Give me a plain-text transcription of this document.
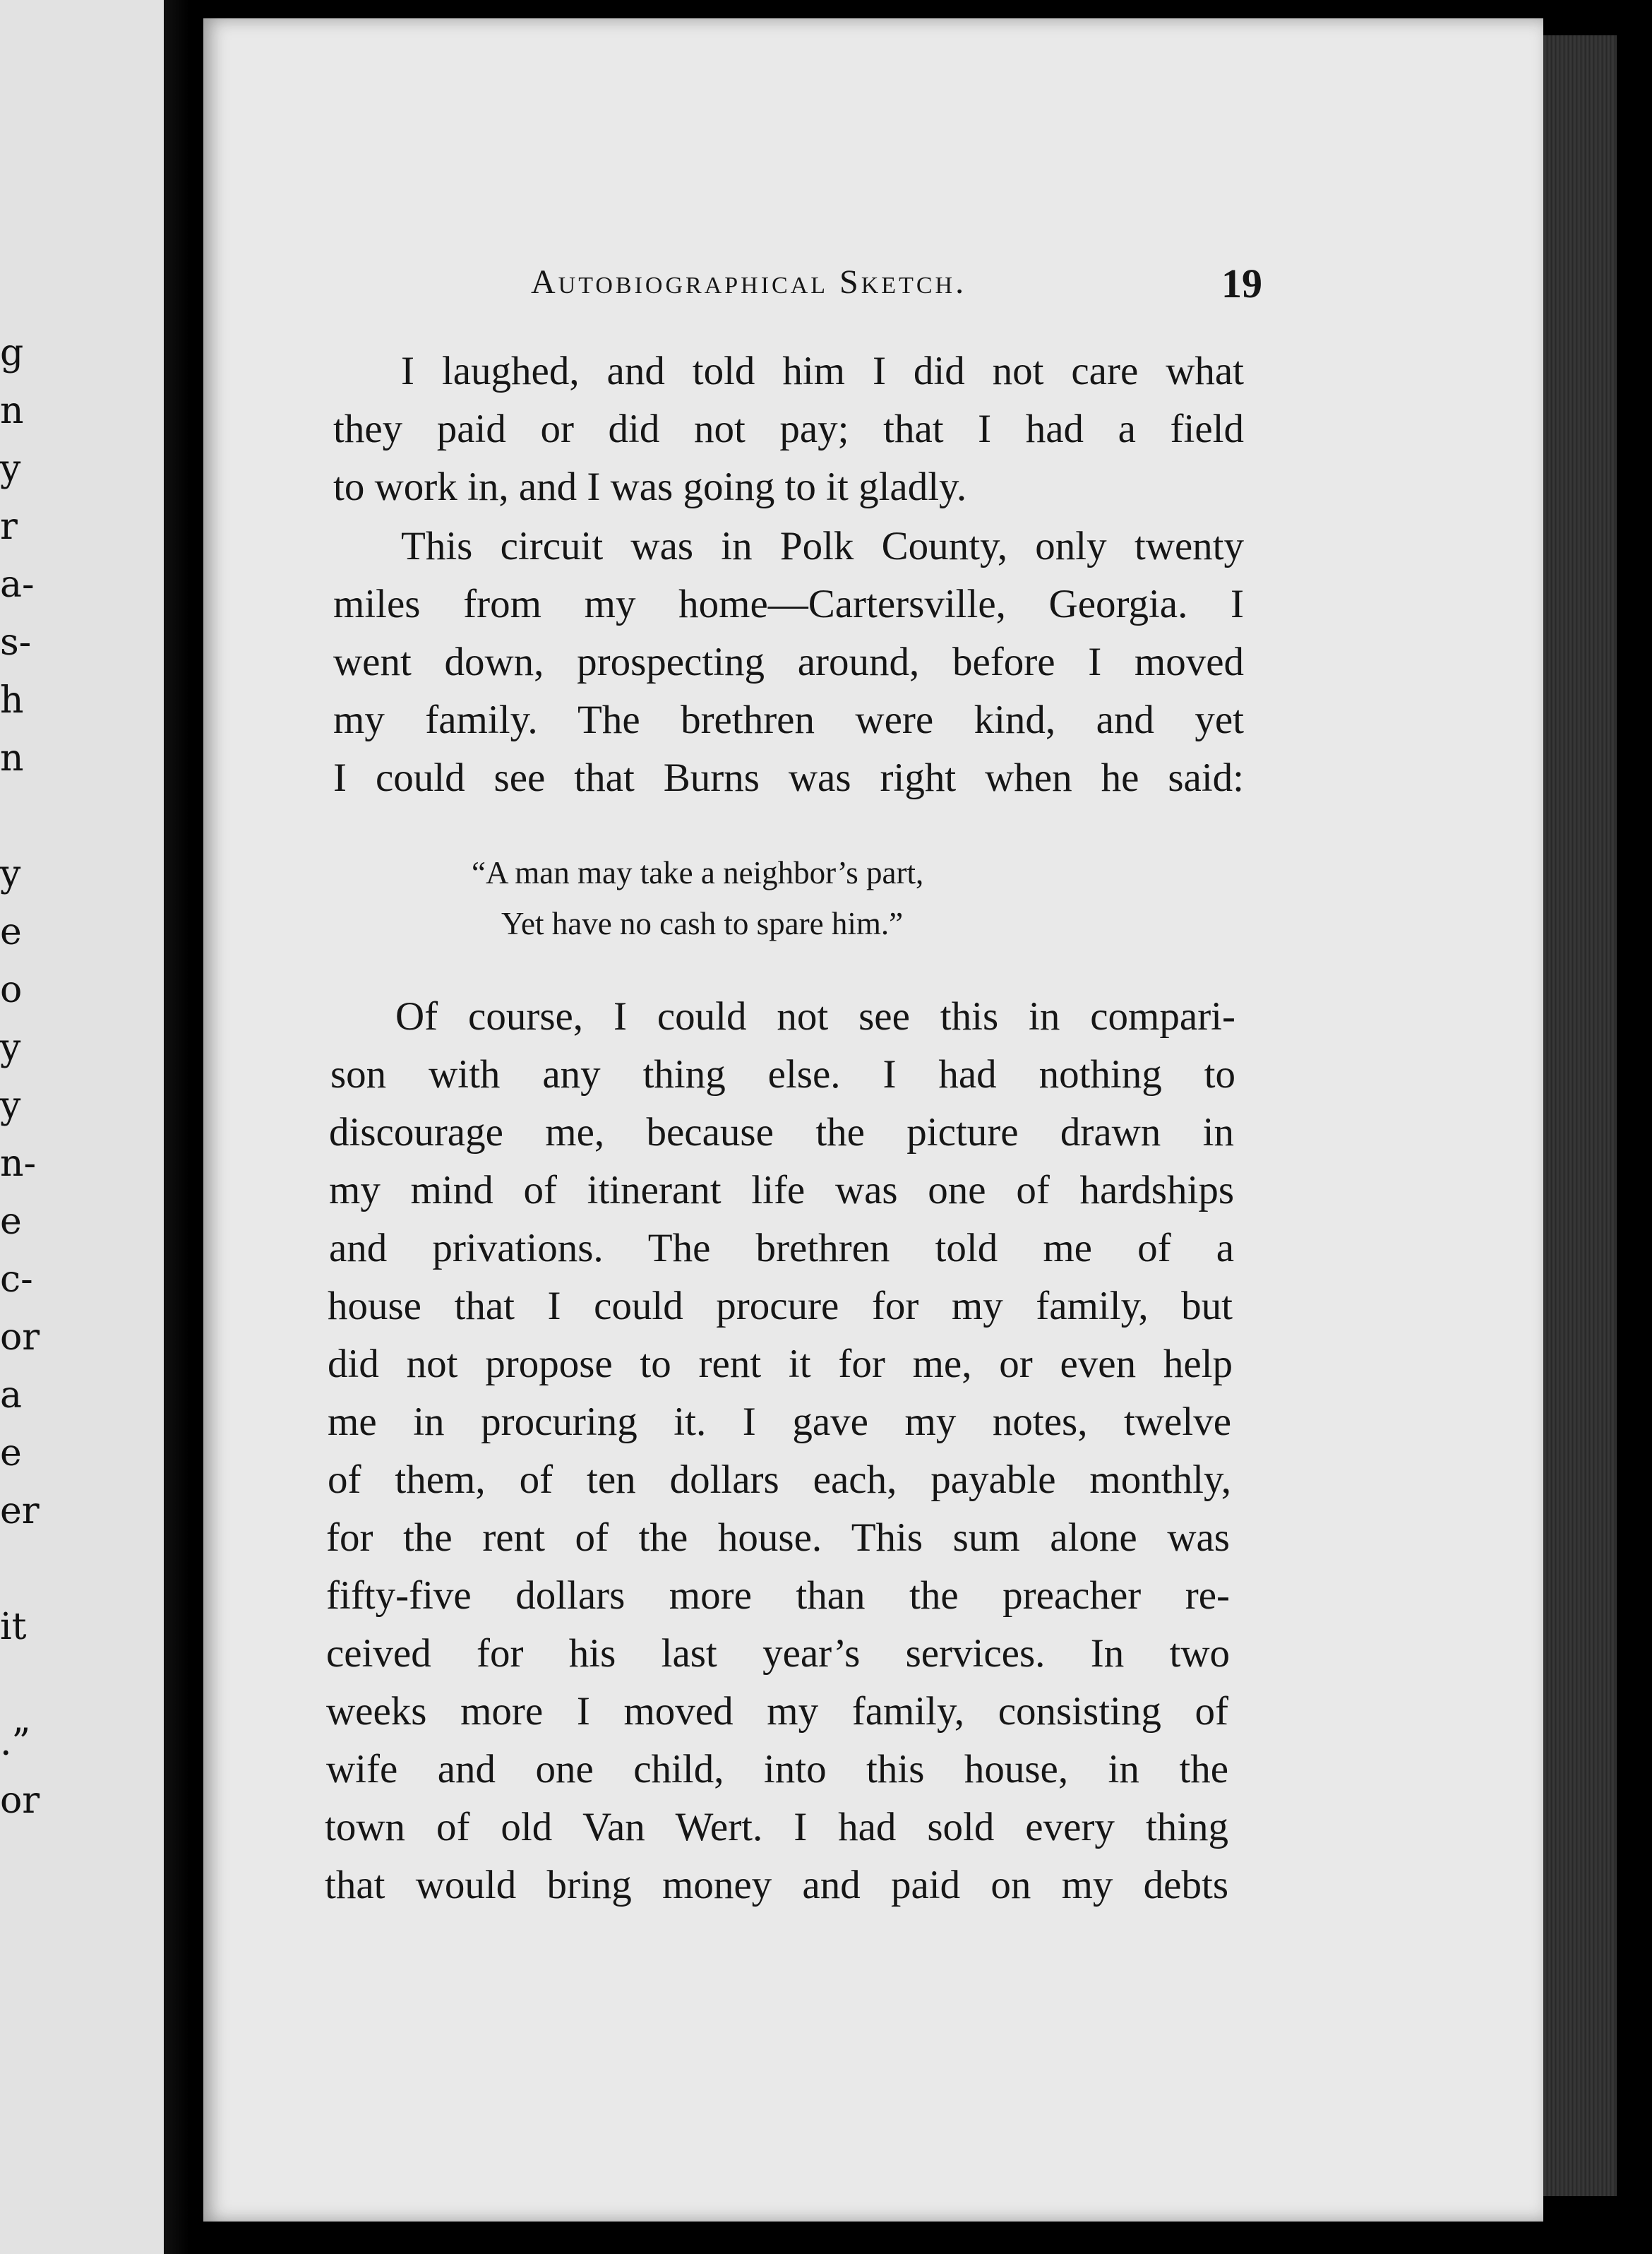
g
n
y
r
a-
s-
h
n
y
e
o
y
y
n-
e
c-
or
a
e
er
it
.”
or
Autobiographical Sketch.	19
I laughed, and told him I did not care what
they paid or did not pay; that I had a field
to work in, and I was going to it gladly.
This circuit was in Polk County, only twenty
miles from my home—Cartersville, Georgia. I
went down, prospecting around, before I moved
my family. The brethren were kind, and yet
I could see that Burns was right when he said:
“A man may take a neighbor’s part,
Yet have no cash to spare him.”
Of course, I could not see this in compari-
son with any thing else. I had nothing to
discourage me, because the picture drawn in
my mind of itinerant life was one of hardships
and privations. The brethren told me of a
house that I could procure for my family, but
did not propose to rent it for me, or even help
me in procuring it. I gave my notes, twelve
of them, of ten dollars each, payable monthly,
for the rent of the house. This sum alone was
fifty-five dollars more than the preacher re-
ceived for his last year’s services. In two
weeks more I moved my family, consisting of
wife and one child, into this house, in the
town of old Van Wert. I had sold every thing
that would bring money and paid on my debts
